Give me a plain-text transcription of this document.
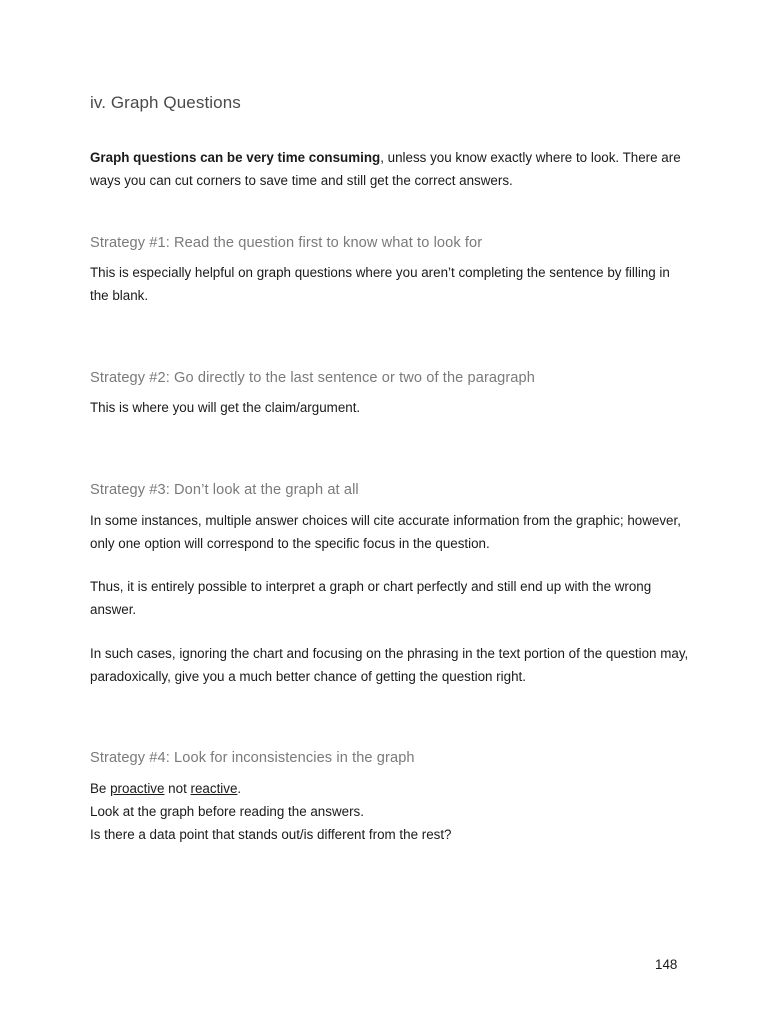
iv. Graph Questions

Graph questions can be very time consuming, unless you know exactly where to look. There are ways you can cut corners to save time and still get the correct answers.

Strategy #1: Read the question first to know what to look for

This is especially helpful on graph questions where you aren’t completing the sentence by filling in the blank.

Strategy #2: Go directly to the last sentence or two of the paragraph

This is where you will get the claim/argument.

Strategy #3: Don’t look at the graph at all

In some instances, multiple answer choices will cite accurate information from the graphic; however, only one option will correspond to the specific focus in the question.

Thus, it is entirely possible to interpret a graph or chart perfectly and still end up with the wrong answer.

In such cases, ignoring the chart and focusing on the phrasing in the text portion of the question may, paradoxically, give you a much better chance of getting the question right.

Strategy #4: Look for inconsistencies in the graph

Be proactive not reactive.
Look at the graph before reading the answers.
Is there a data point that stands out/is different from the rest?

148
